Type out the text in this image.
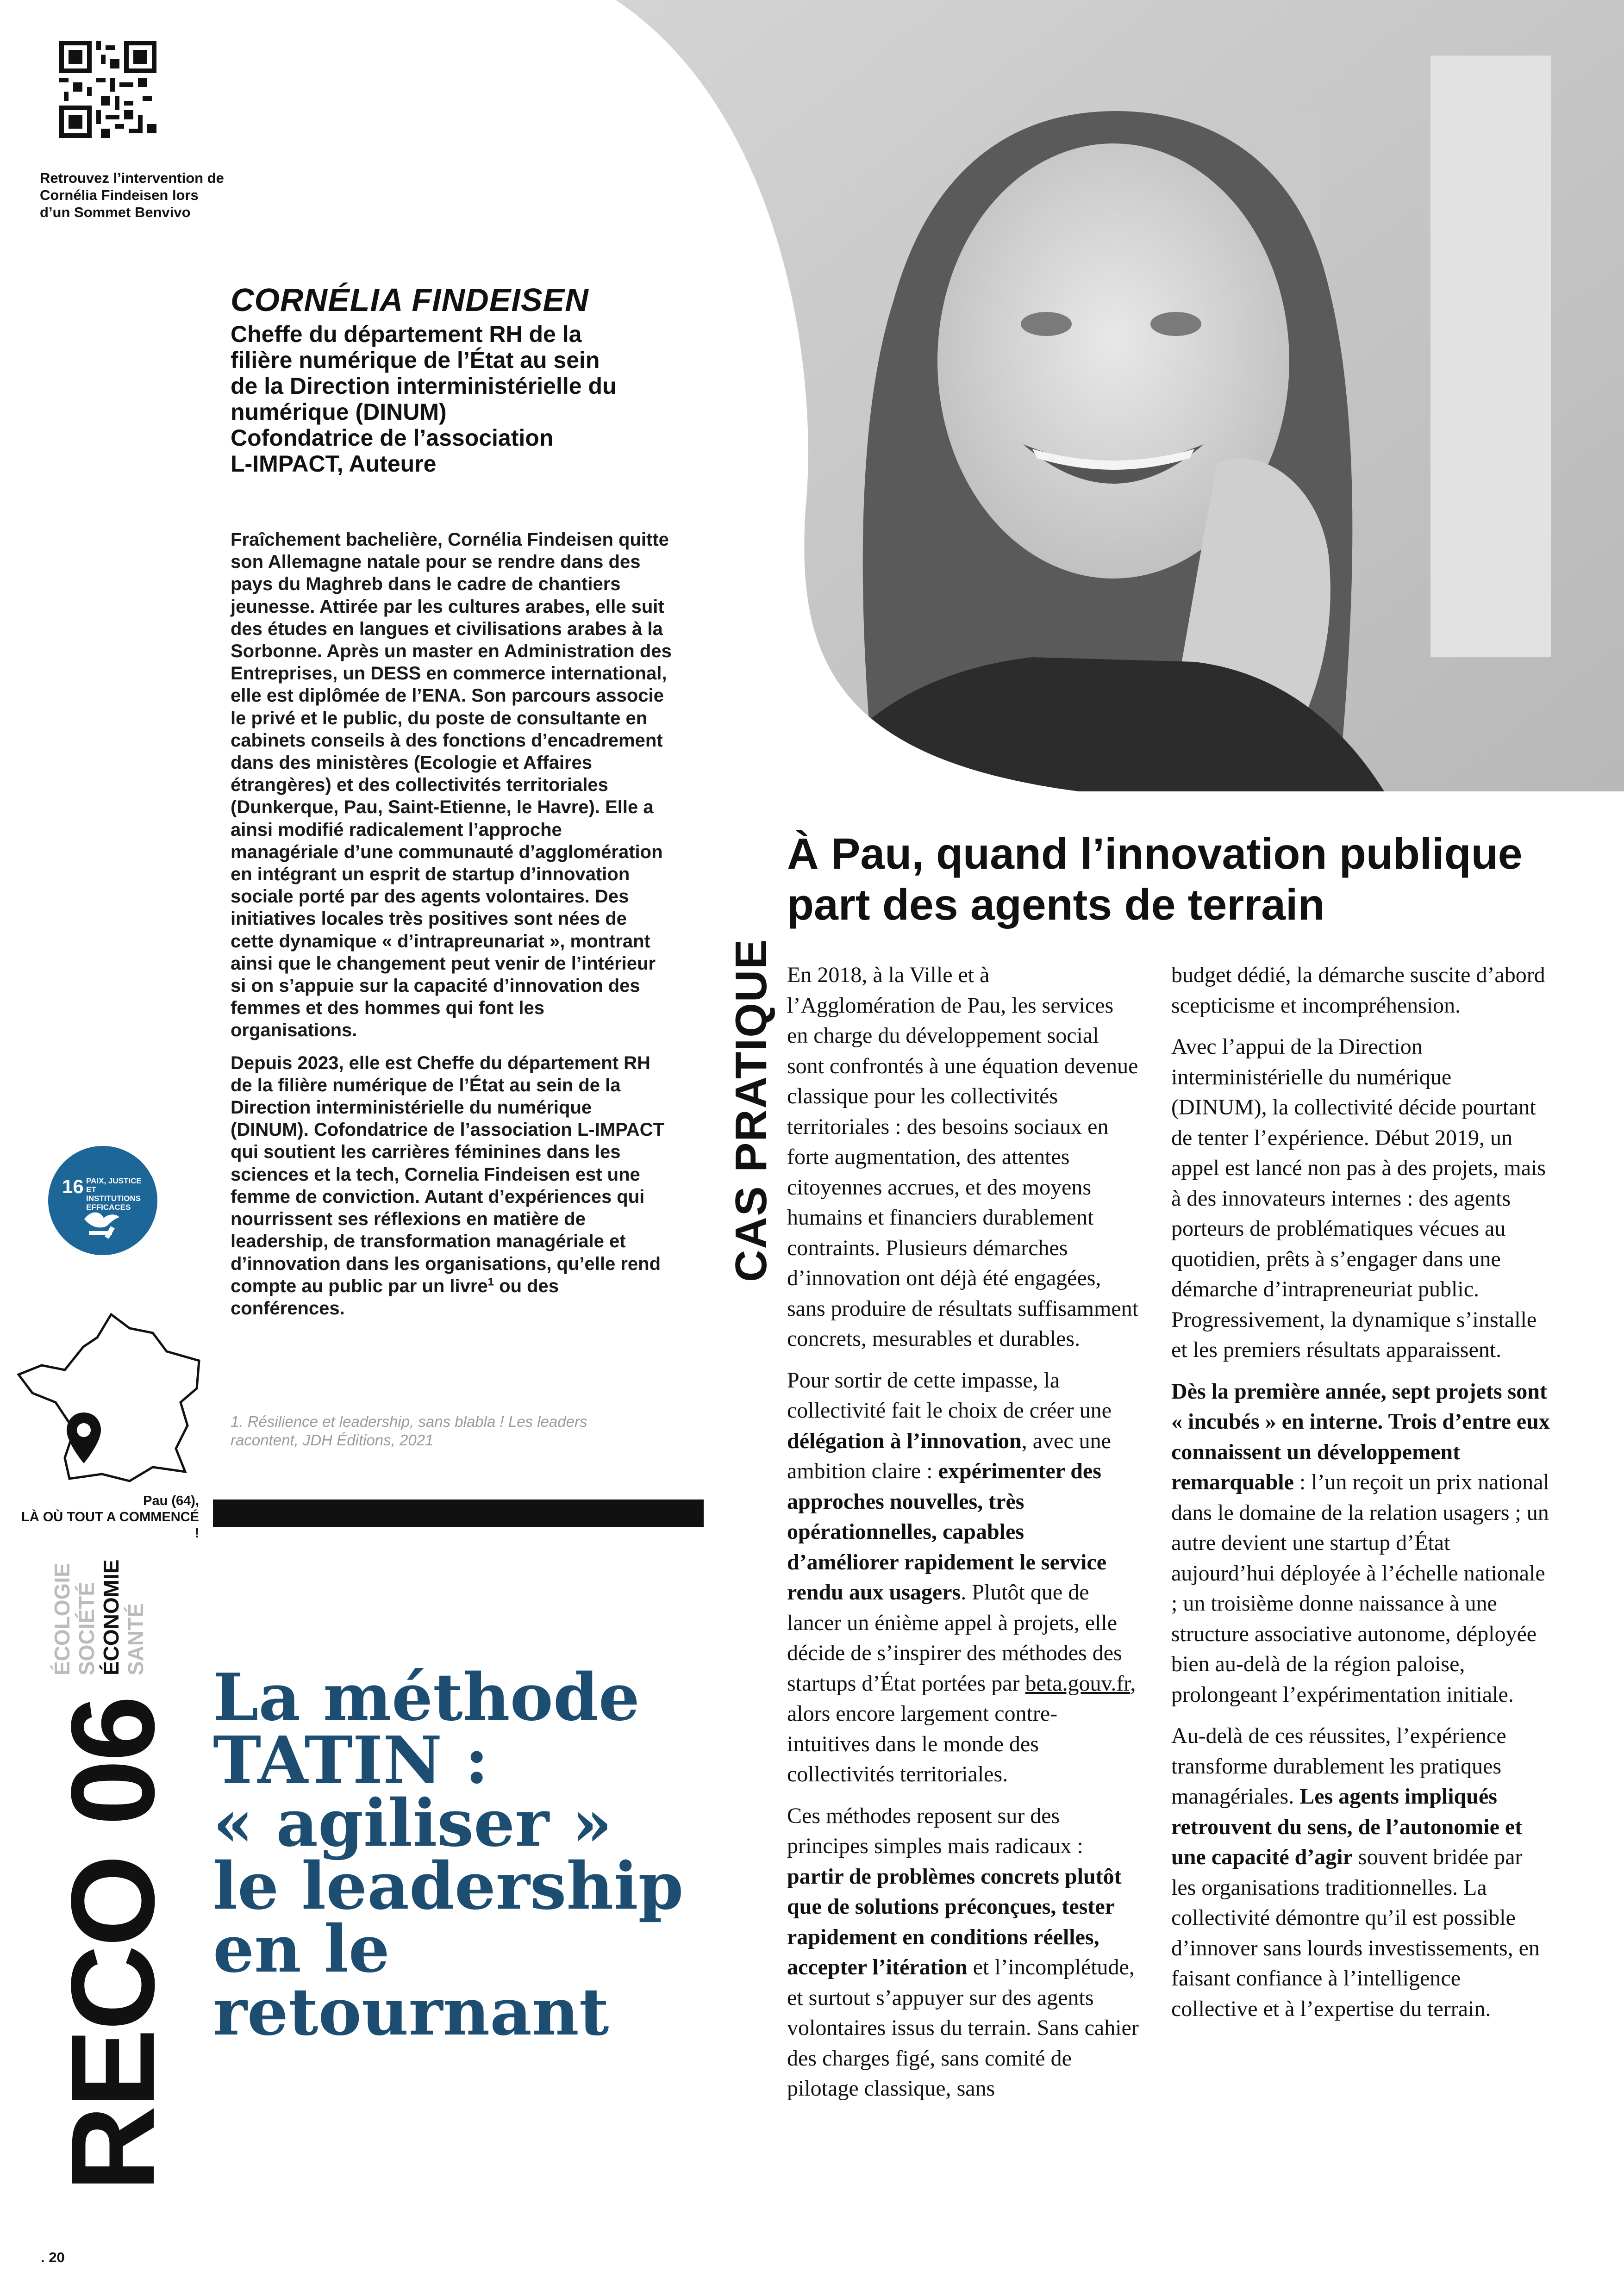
Retrouvez l’intervention de Cornélia Findeisen lors d’un Sommet Benvivo
CORNÉLIA FINDEISEN
Cheffe du département RH de la
filière numérique de l’État au sein
de la Direction interministérielle du
numérique (DINUM)
Cofondatrice de l’association
L-IMPACT, Auteure

Fraîchement bachelière, Cornélia Findeisen quitte son Allemagne natale pour se rendre dans des pays du Maghreb dans le cadre de chantiers jeunesse. Attirée par les cultures arabes, elle suit des études en langues et civilisations arabes à la Sorbonne. Après un master en Administration des Entreprises, un DESS en commerce international, elle est diplômée de l’ENA. Son parcours associe le privé et le public, du poste de consultante en cabinets conseils à des fonctions d’encadrement dans des ministères (Ecologie et Affaires étrangères) et des collectivités territoriales (Dunkerque, Pau, Saint-Etienne, le Havre). Elle a ainsi modifié radicalement l’approche managériale d’une communauté d’agglomération en intégrant un esprit de startup d’innovation sociale porté par des agents volontaires. Des initiatives locales très positives sont nées de cette dynamique « d’intrapreunariat », montrant ainsi que le changement peut venir de l’intérieur si on s’appuie sur la capacité d’innovation des femmes et des hommes qui font les organisations.

Depuis 2023, elle est Cheffe du département RH de la filière numérique de l’État au sein de la Direction interministérielle du numérique (DINUM). Cofondatrice de l’association L-IMPACT qui soutient les carrières féminines dans les sciences et la tech, Cornelia Findeisen est une femme de conviction. Autant d’expériences qui nourrissent ses réflexions en matière de leadership, de transformation managériale et d’innovation dans les organisations, qu’elle rend compte au public par un livre$^1$ ou des conférences.

1. Résilience et leadership, sans blabla ! Les leaders racontent, JDH Éditions, 2021
16 PAIX, JUSTICE ET INSTITUTIONS EFFICACES
Pau (64),
LÀ OÙ TOUT A COMMENCÉ !
RECO 06
ÉCOLOGIE SOCIÉTÉ ÉCONOMIE SANTÉ
. 20
La méthode
TATIN :
« agiliser »
le leadership
en le
retournant
CAS PRATIQUE
À Pau, quand l’innovation publique
part des agents de terrain

En 2018, à la Ville et à l’Agglomération de Pau, les services en charge du développement social sont confrontés à une équation devenue classique pour les collectivités territoriales : des besoins sociaux en forte augmentation, des attentes citoyennes accrues, et des moyens humains et financiers durablement contraints. Plusieurs démarches d’innovation ont déjà été engagées, sans produire de résultats suffisamment concrets, mesurables et durables.

Pour sortir de cette impasse, la collectivité fait le choix de créer une délégation à l’innovation, avec une ambition claire : expérimenter des approches nouvelles, très opérationnelles, capables d’améliorer rapidement le service rendu aux usagers. Plutôt que de lancer un énième appel à projets, elle décide de s’inspirer des méthodes des startups d’État portées par beta.gouv.fr, alors encore largement contre-intuitives dans le monde des collectivités territoriales.

Ces méthodes reposent sur des principes simples mais radicaux : partir de problèmes concrets plutôt que de solutions préconçues, tester rapidement en conditions réelles, accepter l’itération et l’incomplétude, et surtout s’appuyer sur des agents volontaires issus du terrain. Sans cahier des charges figé, sans comité de pilotage classique, sans

budget dédié, la démarche suscite d’abord scepticisme et incompréhension.

Avec l’appui de la Direction interministérielle du numérique (DINUM), la collectivité décide pourtant de tenter l’expérience. Début 2019, un appel est lancé non pas à des projets, mais à des innovateurs internes : des agents porteurs de problématiques vécues au quotidien, prêts à s’engager dans une démarche d’intrapreneuriat public. Progressivement, la dynamique s’installe et les premiers résultats apparaissent.

Dès la première année, sept projets sont « incubés » en interne. Trois d’entre eux connaissent un développement remarquable : l’un reçoit un prix national dans le domaine de la relation usagers ; un autre devient une startup d’État aujourd’hui déployée à l’échelle nationale ; un troisième donne naissance à une structure associative autonome, déployée bien au-delà de la région paloise, prolongeant l’expérimentation initiale.

Au-delà de ces réussites, l’expérience transforme durablement les pratiques managériales. Les agents impliqués retrouvent du sens, de l’autonomie et une capacité d’agir souvent bridée par les organisations traditionnelles. La collectivité démontre qu’il est possible d’innover sans lourds investissements, en faisant confiance à l’intelligence collective et à l’expertise du terrain.
